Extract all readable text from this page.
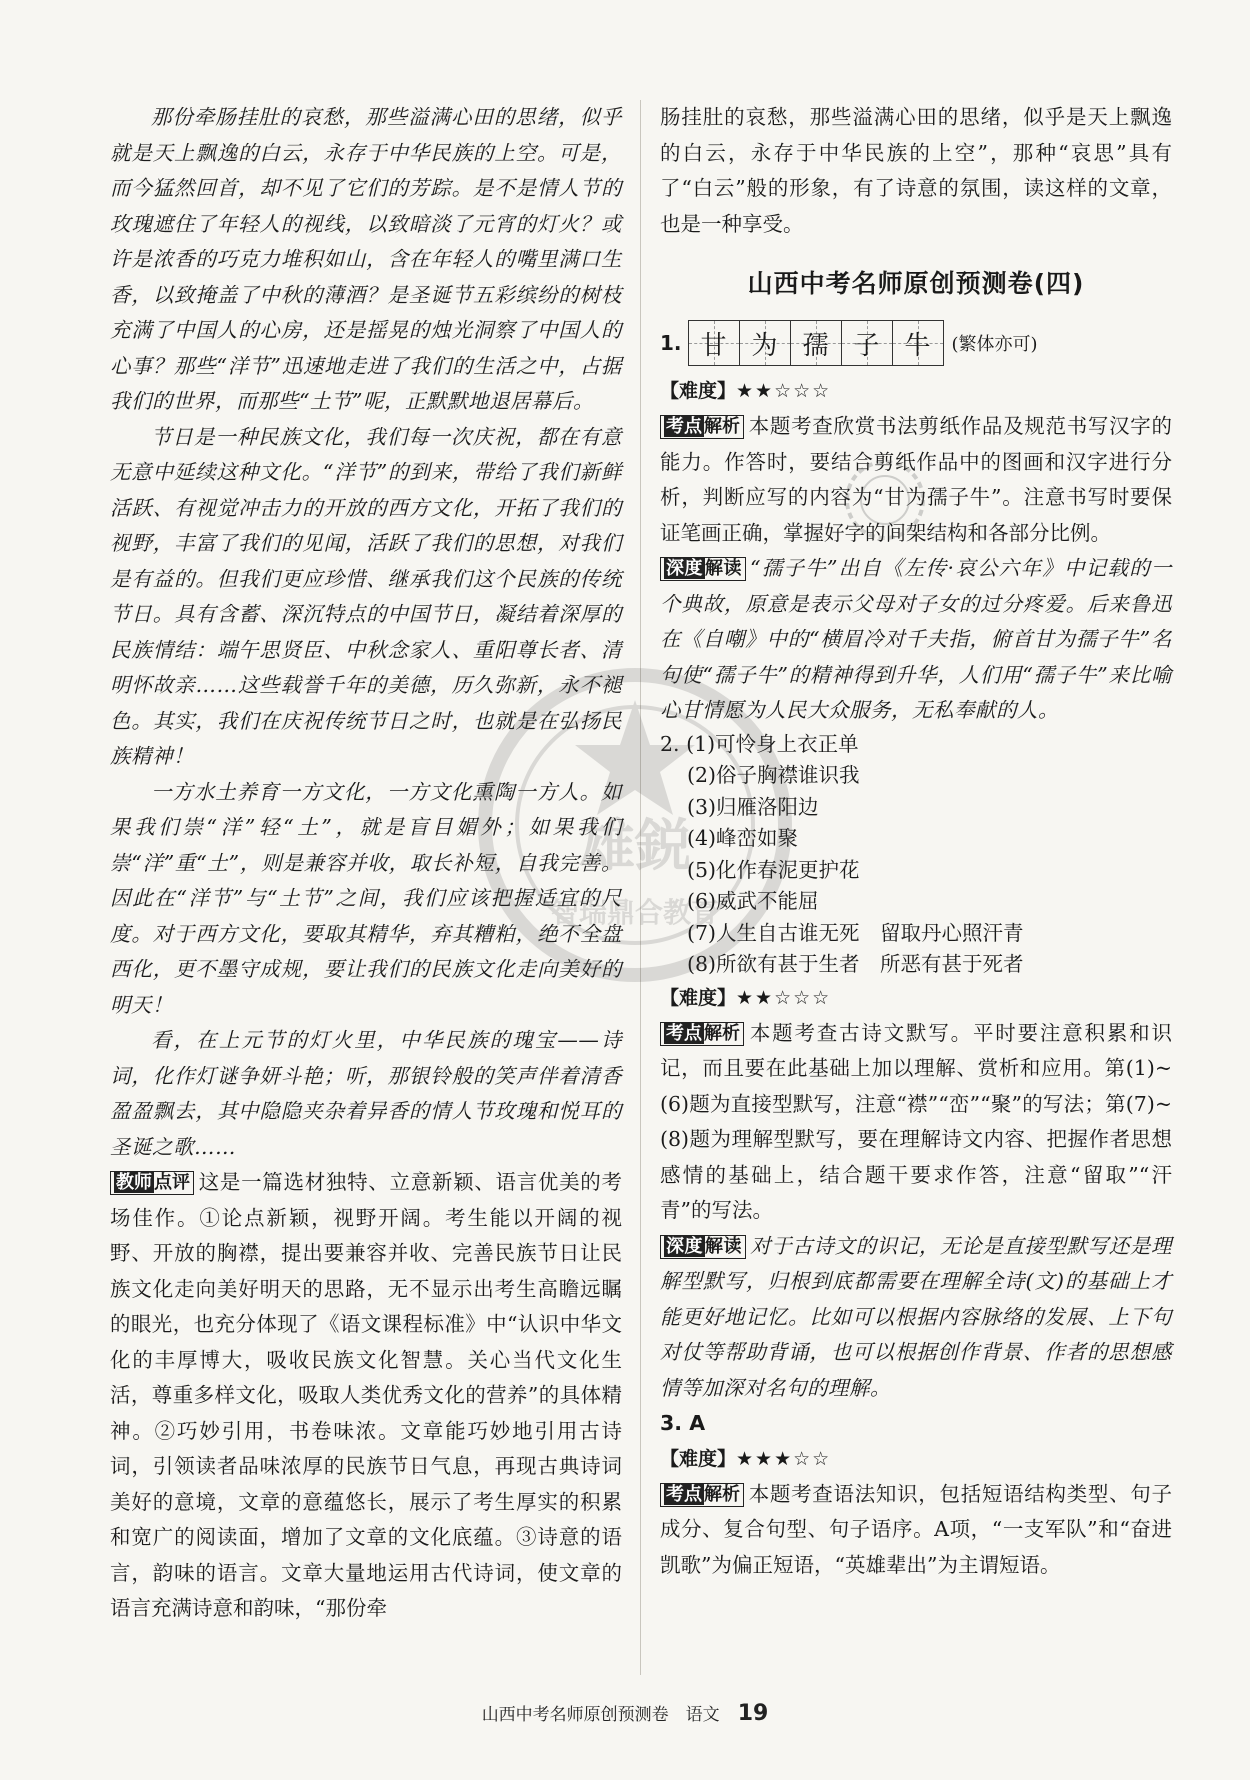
那份牵肠挂肚的哀愁，那些溢满心田的思绪，似乎就是天上飘逸的白云，永存于中华民族的上空。可是，而今猛然回首，却不见了它们的芳踪。是不是情人节的玫瑰遮住了年轻人的视线，以致暗淡了元宵的灯火？或许是浓香的巧克力堆积如山，含在年轻人的嘴里满口生香，以致掩盖了中秋的薄酒？是圣诞节五彩缤纷的树枝充满了中国人的心房，还是摇晃的烛光洞察了中国人的心事？那些“洋节”迅速地走进了我们的生活之中，占据我们的世界，而那些“土节”呢，正默默地退居幕后。

节日是一种民族文化，我们每一次庆祝，都在有意无意中延续这种文化。“洋节”的到来，带给了我们新鲜活跃、有视觉冲击力的开放的西方文化，开拓了我们的视野，丰富了我们的见闻，活跃了我们的思想，对我们是有益的。但我们更应珍惜、继承我们这个民族的传统节日。具有含蓄、深沉特点的中国节日，凝结着深厚的民族情结：端午思贤臣、中秋念家人、重阳尊长者、清明怀故亲……这些载誉千年的美德，历久弥新，永不褪色。其实，我们在庆祝传统节日之时，也就是在弘扬民族精神！

一方水土养育一方文化，一方文化熏陶一方人。如果我们崇“洋”轻“土”，就是盲目媚外；如果我们崇“洋”重“土”，则是兼容并收，取长补短，自我完善。因此在“洋节”与“土节”之间，我们应该把握适宜的尺度。对于西方文化，要取其精华，弃其糟粕，绝不全盘西化，更不墨守成规，要让我们的民族文化走向美好的明天！

看，在上元节的灯火里，中华民族的瑰宝——诗词，化作灯谜争妍斗艳；听，那银铃般的笑声伴着清香盈盈飘去，其中隐隐夹杂着异香的情人节玫瑰和悦耳的圣诞之歌……

教师 点评 这是一篇选材独特、立意新颖、语言优美的考场佳作。①论点新颖，视野开阔。考生能以开阔的视野、开放的胸襟，提出要兼容并收、完善民族节日让民族文化走向美好明天的思路，无不显示出考生高瞻远瞩的眼光，也充分体现了《语文课程标准》中“认识中华文化的丰厚博大，吸收民族文化智慧。关心当代文化生活，尊重多样文化，吸取人类优秀文化的营养”的具体精神。②巧妙引用，书卷味浓。文章能巧妙地引用古诗词，引领读者品味浓厚的民族节日气息，再现古典诗词美好的意境，文章的意蕴悠长，展示了考生厚实的积累和宽广的阅读面，增加了文章的文化底蕴。③诗意的语言，韵味的语言。文章大量地运用古代诗词，使文章的语言充满诗意和韵味，“那份牵

肠挂肚的哀愁，那些溢满心田的思绪，似乎是天上飘逸的白云，永存于中华民族的上空”，那种“哀思”具有了“白云”般的形象，有了诗意的氛围，读这样的文章，也是一种享受。

山西中考名师原创预测卷(四)
1. 甘 为 孺 子 牛 (繁体亦可)
【难度】★★☆☆☆

考点 解析 本题考查欣赏书法剪纸作品及规范书写汉字的能力。作答时，要结合剪纸作品中的图画和汉字进行分析，判断应写的内容为“甘为孺子牛”。注意书写时要保证笔画正确，掌握好字的间架结构和各部分比例。

深度 解读 “孺子牛”出自《左传·哀公六年》中记载的一个典故，原意是表示父母对子女的过分疼爱。后来鲁迅在《自嘲》中的“横眉冷对千夫指，俯首甘为孺子牛”名句使“孺子牛”的精神得到升华，人们用“孺子牛”来比喻心甘情愿为人民大众服务，无私奉献的人。

2. (1)可怜身上衣正单

(2)俗子胸襟谁识我

(3)归雁洛阳边

(4)峰峦如聚

(5)化作春泥更护花

(6)威武不能屈

(7)人生自古谁无死　留取丹心照汗青

(8)所欲有甚于生者　所恶有甚于死者

【难度】★★☆☆☆

考点 解析 本题考查古诗文默写。平时要注意积累和识记，而且要在此基础上加以理解、赏析和应用。第(1)~(6)题为直接型默写，注意“襟”“峦”“聚”的写法；第(7)~(8)题为理解型默写，要在理解诗文内容、把握作者思想感情的基础上，结合题干要求作答，注意“留取”“汗青”的写法。

深度 解读 对于古诗文的识记，无论是直接型默写还是理解型默写，归根到底都需要在理解全诗(文)的基础上才能更好地记忆。比如可以根据内容脉络的发展、上下句对仗等帮助背诵，也可以根据创作背景、作者的思想感情等加深对名句的理解。

3. A

【难度】★★★☆☆

考点 解析 本题考查语法知识，包括短语结构类型、句子成分、复合句型、句子语序。A项，“一支军队”和“奋进凯歌”为偏正短语，“英雄辈出”为主谓短语。

雄鋭
智瑞鼎合教育
山西中考名师原创预测卷　语文 19
